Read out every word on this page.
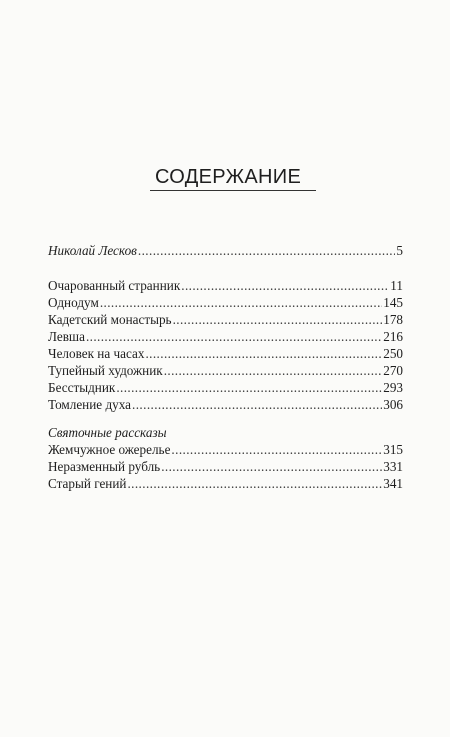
СОДЕРЖАНИЕ
Николай Лесков .....	5
Очарованный странник .....	11
Однодум .....	145
Кадетский монастырь .....	178
Левша .....	216
Человек на часах .....	250
Тупейный художник .....	270
Бесстыдник .....	293
Томление духа .....	306
Святочные рассказы
Жемчужное ожерелье .....	315
Неразменный рубль .....	331
Старый гений .....	341
